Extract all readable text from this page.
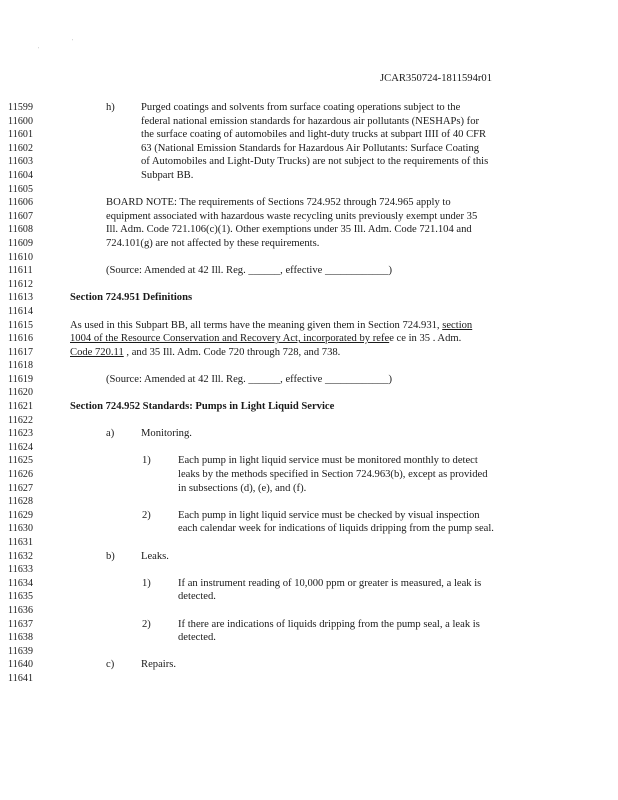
'
'
JCAR350724-1811594r01
11599	h) Purged coatings and solvents from surface coating operations subject to the
11600	federal national emission standards for hazardous air pollutants (NESHAPs) for
11601	the surface coating of automobiles and light-duty trucks at subpart IIII of 40 CFR
11602	63 (National Emission Standards for Hazardous Air Pollutants: Surface Coating
11603	of Automobiles and Light-Duty Trucks) are not subject to the requirements of this
11604	Subpart BB.
11605
11606	BOARD NOTE: The requirements of Sections 724.952 through 724.965 apply to
11607	equipment associated with hazardous waste recycling units previously exempt under 35
11608	Ill. Adm. Code 721.106(c)(1). Other exemptions under 35 Ill. Adm. Code 721.104 and
11609	724.101(g) are not affected by these requirements.
11610
11611	(Source: Amended at 42 Ill. Reg. ______, effective ____________)
11612
11613	Section 724.951 Definitions
11614
11615	As used in this Subpart BB, all terms have the meaning given them in Section 724.931, section
11616	1004 of the Resource Conservation and Recovery Act, incorporated by refee ce in 35 . Adm.
11617	Code 720.11 , and 35 Ill. Adm. Code 720 through 728, and 738.
11618
11619	(Source: Amended at 42 Ill. Reg. ______, effective ____________)
11620
11621	Section 724.952 Standards: Pumps in Light Liquid Service
11622
11623	a)	Monitoring.
11624
11625	1)	Each pump in light liquid service must be monitored monthly to detect
11626	leaks by the methods specified in Section 724.963(b), except as provided
11627	in subsections (d), (e), and (f).
11628
11629	2)	Each pump in light liquid service must be checked by visual inspection
11630	each calendar week for indications of liquids dripping from the pump seal.
11631
11632	b) Leaks.
11633
11634	1)	If an instrument reading of 10,000 ppm or greater is measured, a leak is
11635	detected.
11636
11637	2)	If there are indications of liquids dripping from the pump seal, a leak is
11638	detected.
11639
11640	c)	Repairs.
11641
